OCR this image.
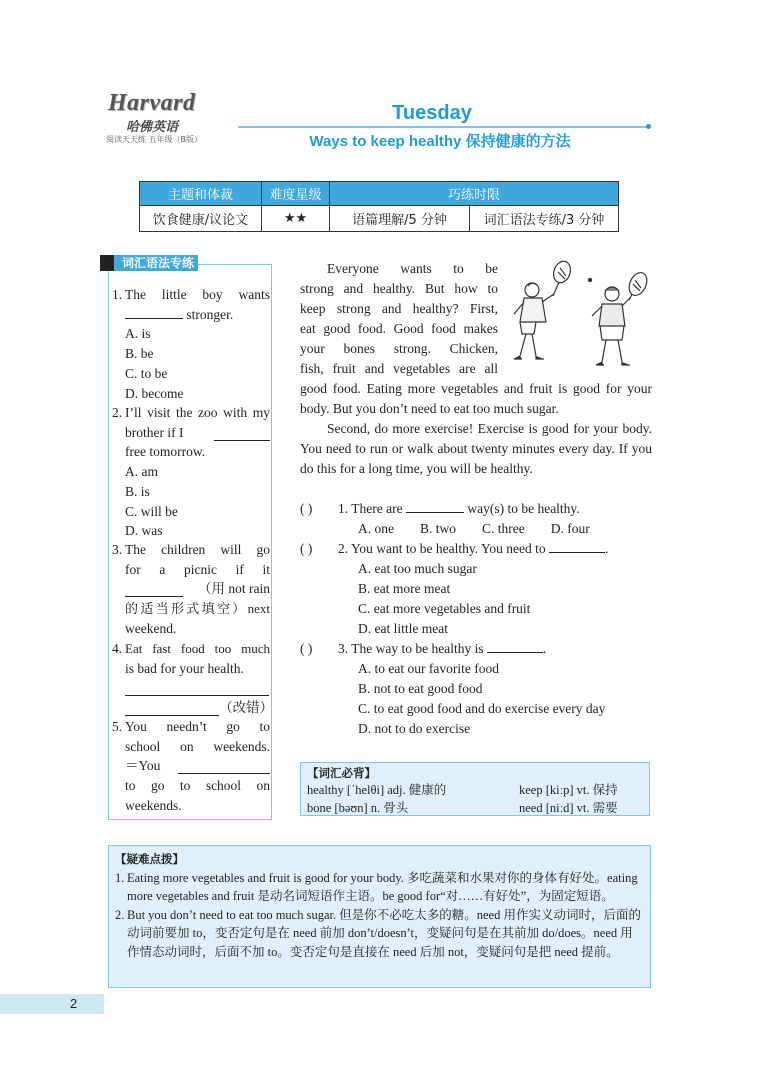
Harvard
哈佛英语
阅读天天练 五年级（B版）
Tuesday
Ways to keep healthy 保持健康的方法
主题和体裁	难度星级	巧练时限	
饮食健康/议论文	★★	语篇理解/5 分钟	词汇语法专练/3 分钟
词汇语法专练
1. The little boy wants
stronger.
A. is
B. be
C. to be
D. become
2. I’ll visit the zoo with my
brother if I
free tomorrow.
A. am
B. is
C. will be
D. was
3. The children will go
for a picnic if it
（用 not rain
的适当形式填空）next
weekend.
4. Eat fast food too much
is bad for your health.
（改错）
5. You needn’t go to
school on weekends.
＝You
to go to school on
weekends.
Everyone wants to be
strong and healthy. But how to
keep strong and healthy? First,
eat good food. Good food makes
your bones strong. Chicken,
fish, fruit and vegetables are all
good food. Eating more vegetables and fruit is good for your body. But you don’t need to eat too much sugar.

Second, do more exercise! Exercise is good for your body. You need to run or walk about twenty minutes every day. If you do this for a long time, you will be healthy.

( ) 1. There are	way(s) to be healthy.
A. one B. two C. three D. four
( ) 2. You want to be healthy. You need to	.
A. eat too much sugar
B. eat more meat
C. eat more vegetables and fruit
D. eat little meat
( ) 3. The way to be healthy is	.
A. to eat our favorite food
B. not to eat good food
C. to eat good food and do exercise every day
D. not to do exercise
【词汇必背】
healthy [ˈhelθi] adj. 健康的	keep [kiːp] vt. 保持
bone [bəʊn] n. 骨头	need [niːd] vt. 需要
【疑难点拨】
1. Eating more vegetables and fruit is good for your body. 多吃蔬菜和水果对你的身体有好处。eating more vegetables and fruit 是动名词短语作主语。be good for“对……有好处”，为固定短语。
2. But you don’t need to eat too much sugar. 但是你不必吃太多的糖。need 用作实义动词时，后面的动词前要加 to，变否定句是在 need 前加 don’t/doesn’t，变疑问句是在其前加 do/does。need 用作情态动词时，后面不加 to。变否定句是直接在 need 后加 not，变疑问句是把 need 提前。
2
